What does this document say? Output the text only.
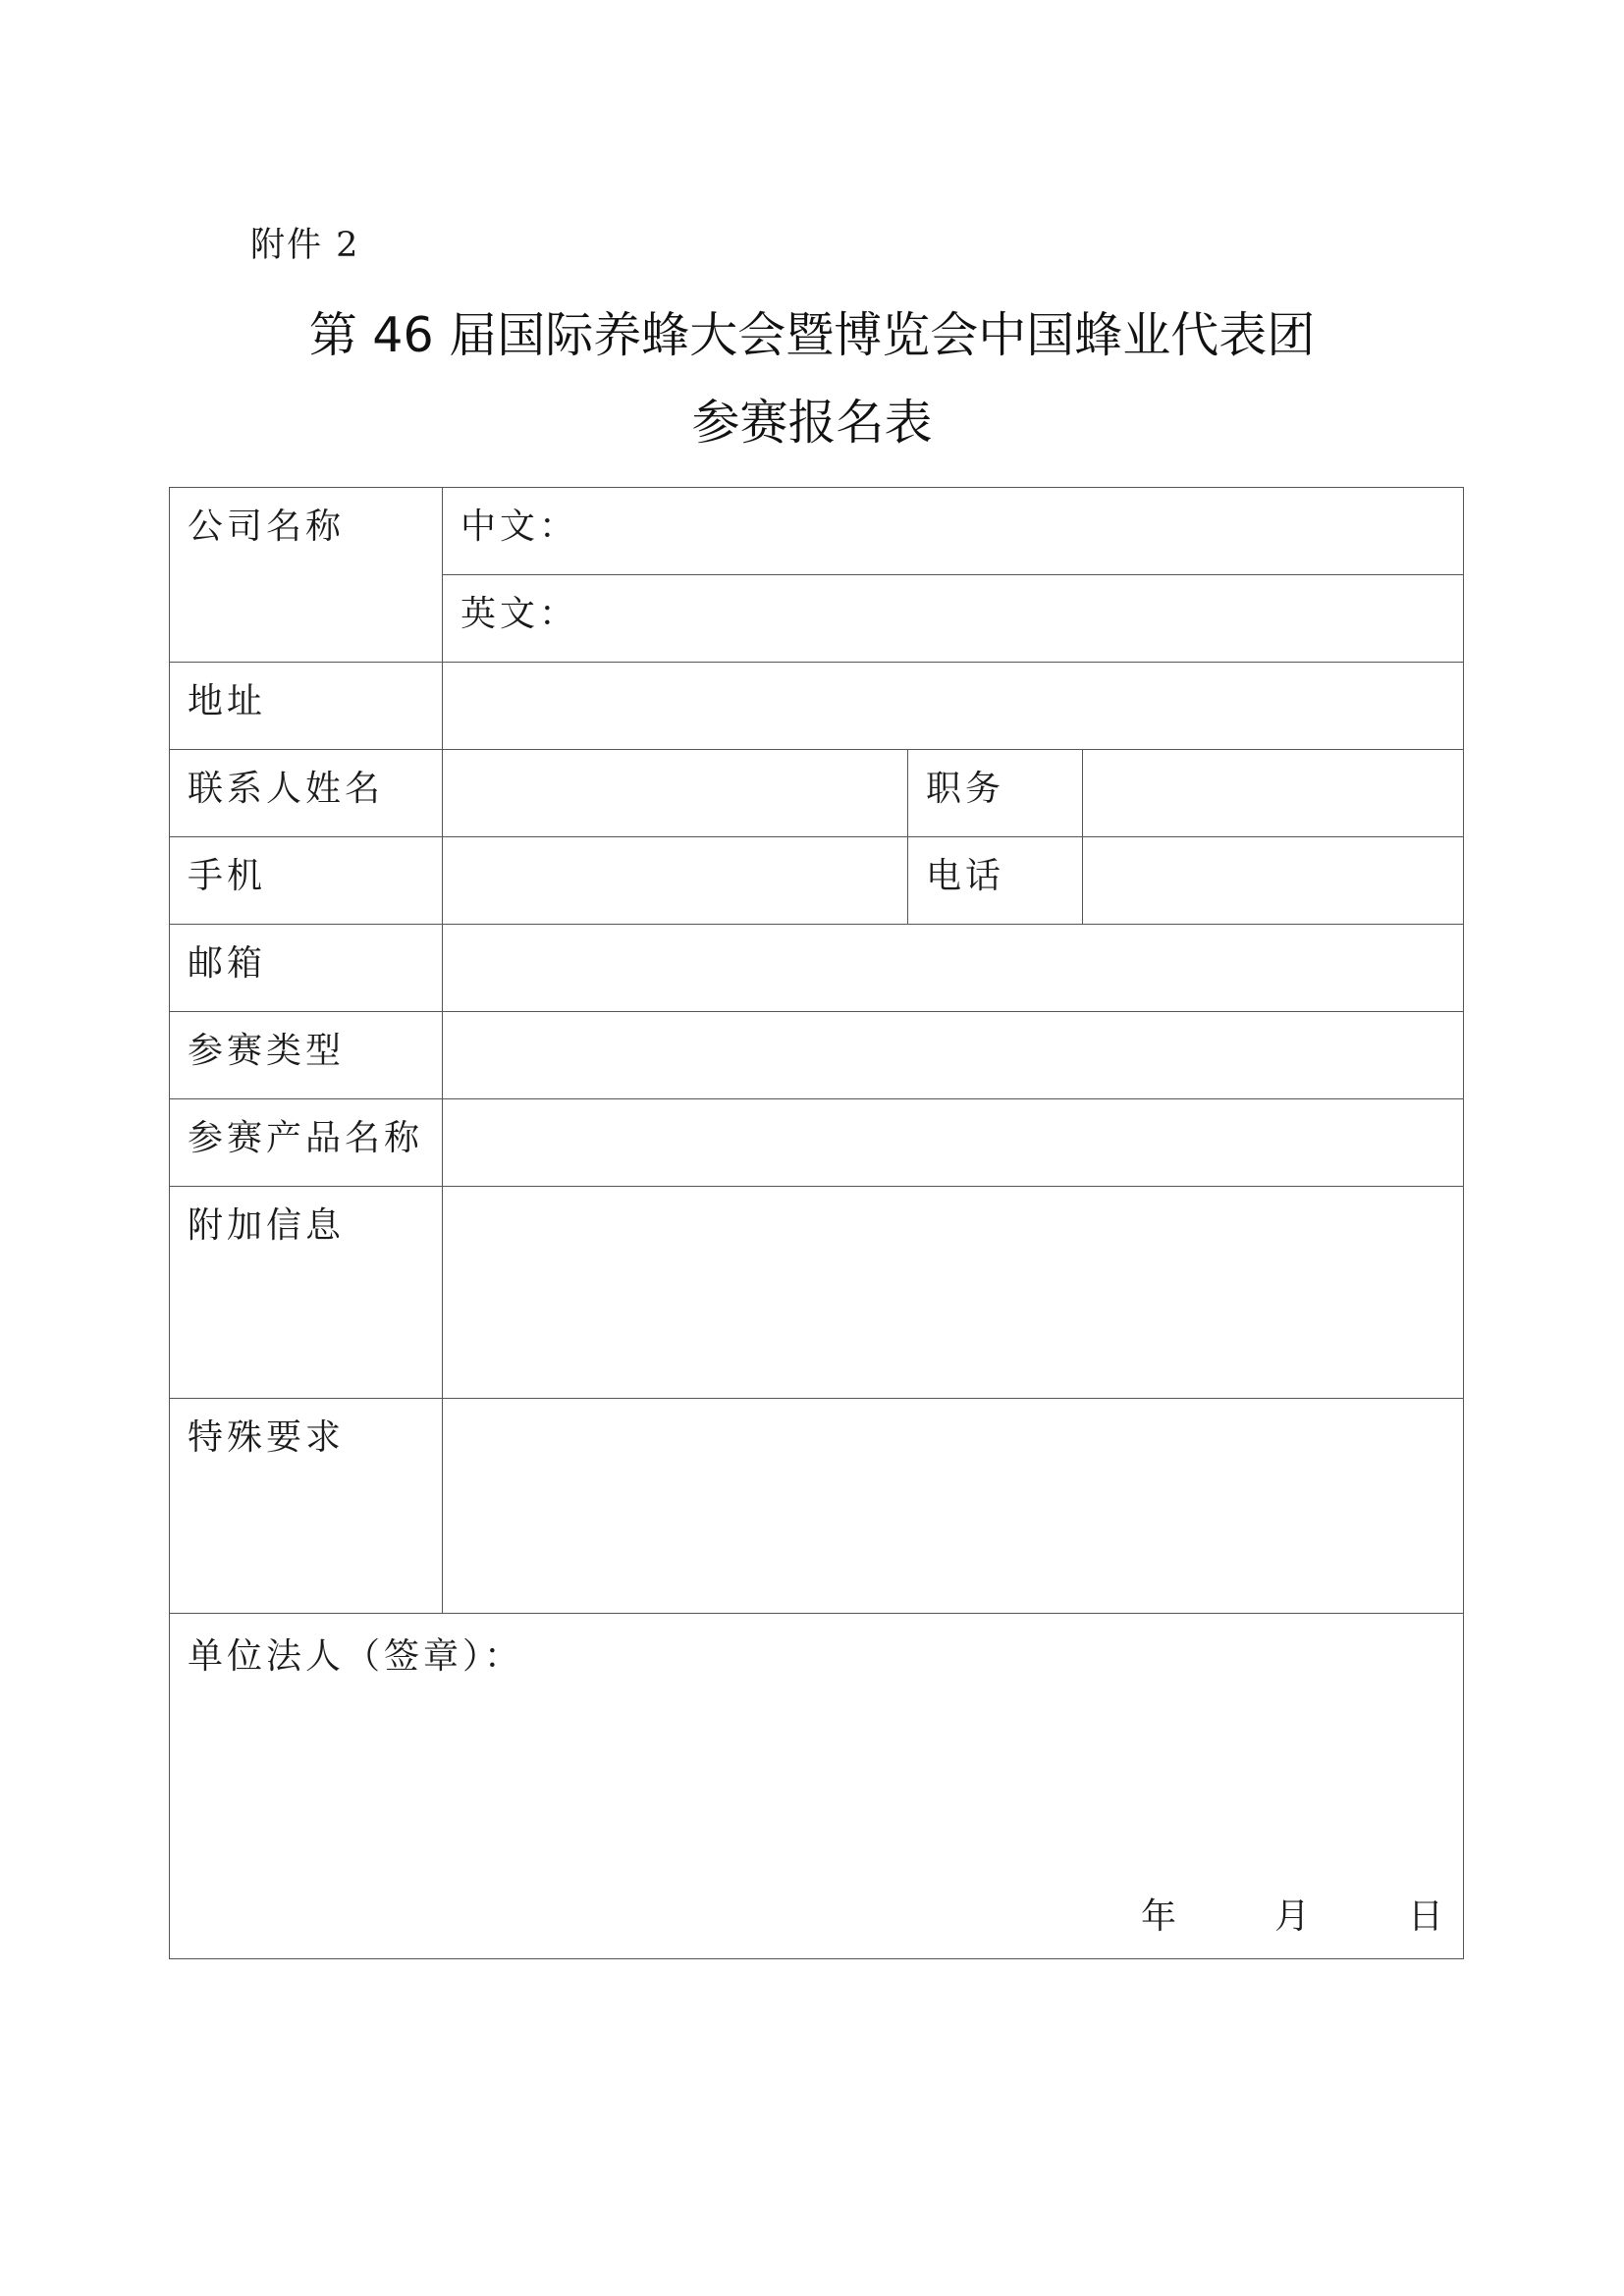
附件 2
第 46 届国际养蜂大会暨博览会中国蜂业代表团
参赛报名表
公司名称	中文：		
	英文：		
地址			
联系人姓名		职务	
手机		电话	
邮箱			
参赛类型			
参赛产品名称			
附加信息			
特殊要求			

单位法人（签章）：
年 月 日			
